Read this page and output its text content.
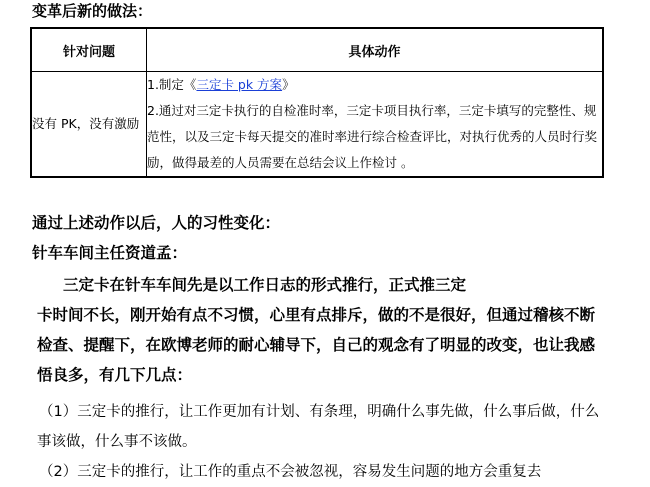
变革后新的做法：
针对问题	具体动作
没有 PK，没有激励	1.制定《三定卡 pk 方案》
2.通过对三定卡执行的自检准时率，三定卡项目执行率，三定卡填写的完整性、规范性，以及三定卡每天提交的准时率进行综合检查评比，对执行优秀的人员时行奖励，做得最差的人员需要在总结会议上作检讨 。
通过上述动作以后，人的习性变化：
针车车间主任资道孟：
三定卡在针车车间先是以工作日志的形式推行，正式推三定
卡时间不长，刚开始有点不习惯，心里有点排斥，做的不是很好，但通过稽核不断检查、提醒下，在欧博老师的耐心辅导下，自己的观念有了明显的改变，也让我感悟良多，有几下几点：
（1）三定卡的推行，让工作更加有计划、有条理，明确什么事先做，什么事后做，什么事该做，什么事不该做。
（2）三定卡的推行，让工作的重点不会被忽视，容易发生问题的地方会重复去
